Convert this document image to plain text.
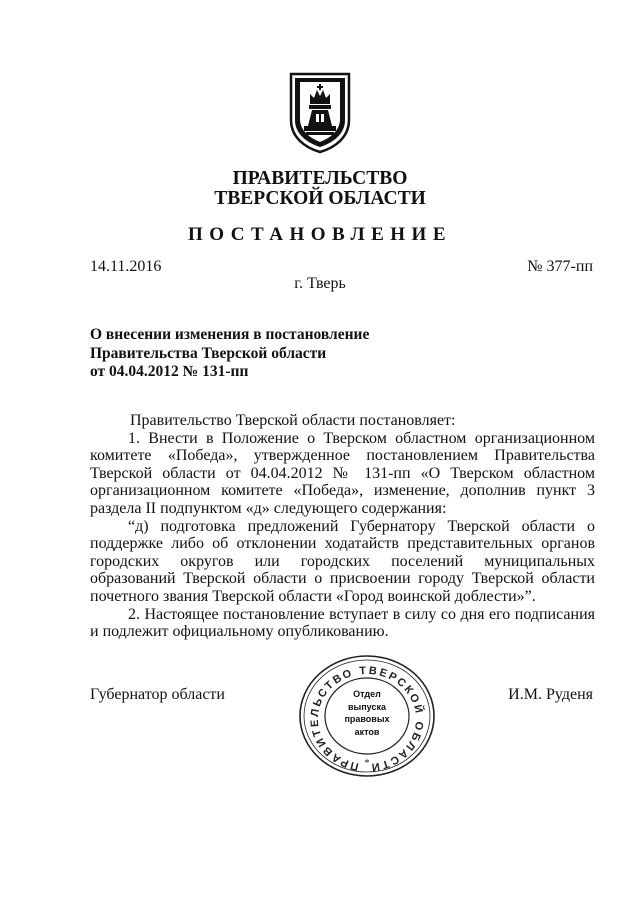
ПРАВИТЕЛЬСТВО
ТВЕРСКОЙ ОБЛАСТИ
ПОСТАНОВЛЕНИЕ
14.11.2016	№ 377-пп
г. Тверь
О внесении изменения в постановление
Правительства Тверской области
от 04.04.2012 № 131-пп

Правительство Тверской области постановляет:

1. Внести в Положение о Тверском областном организационном комитете «Победа», утвержденное постановлением Правительства Тверской области от 04.04.2012 № 131-пп «О Тверском областном организационном комитете «Победа», изменение, дополнив пункт 3 раздела II подпунктом «д» следующего содержания:

“д) подготовка предложений Губернатору Тверской области о поддержке либо об отклонении ходатайств представительных органов городских округов или городских поселений муниципальных образований Тверской области о присвоении городу Тверской области почетного звания Тверской области «Город воинской доблести»”.

2. Настоящее постановление вступает в силу со дня его подписания и подлежит официальному опубликованию.

Губернатор области	И.М. Руденя
ПРАВИТЕЛЬСТВО ТВЕРСКОЙ ОБЛАСТИ
*
Отдел
выпуска
правовых
актов
